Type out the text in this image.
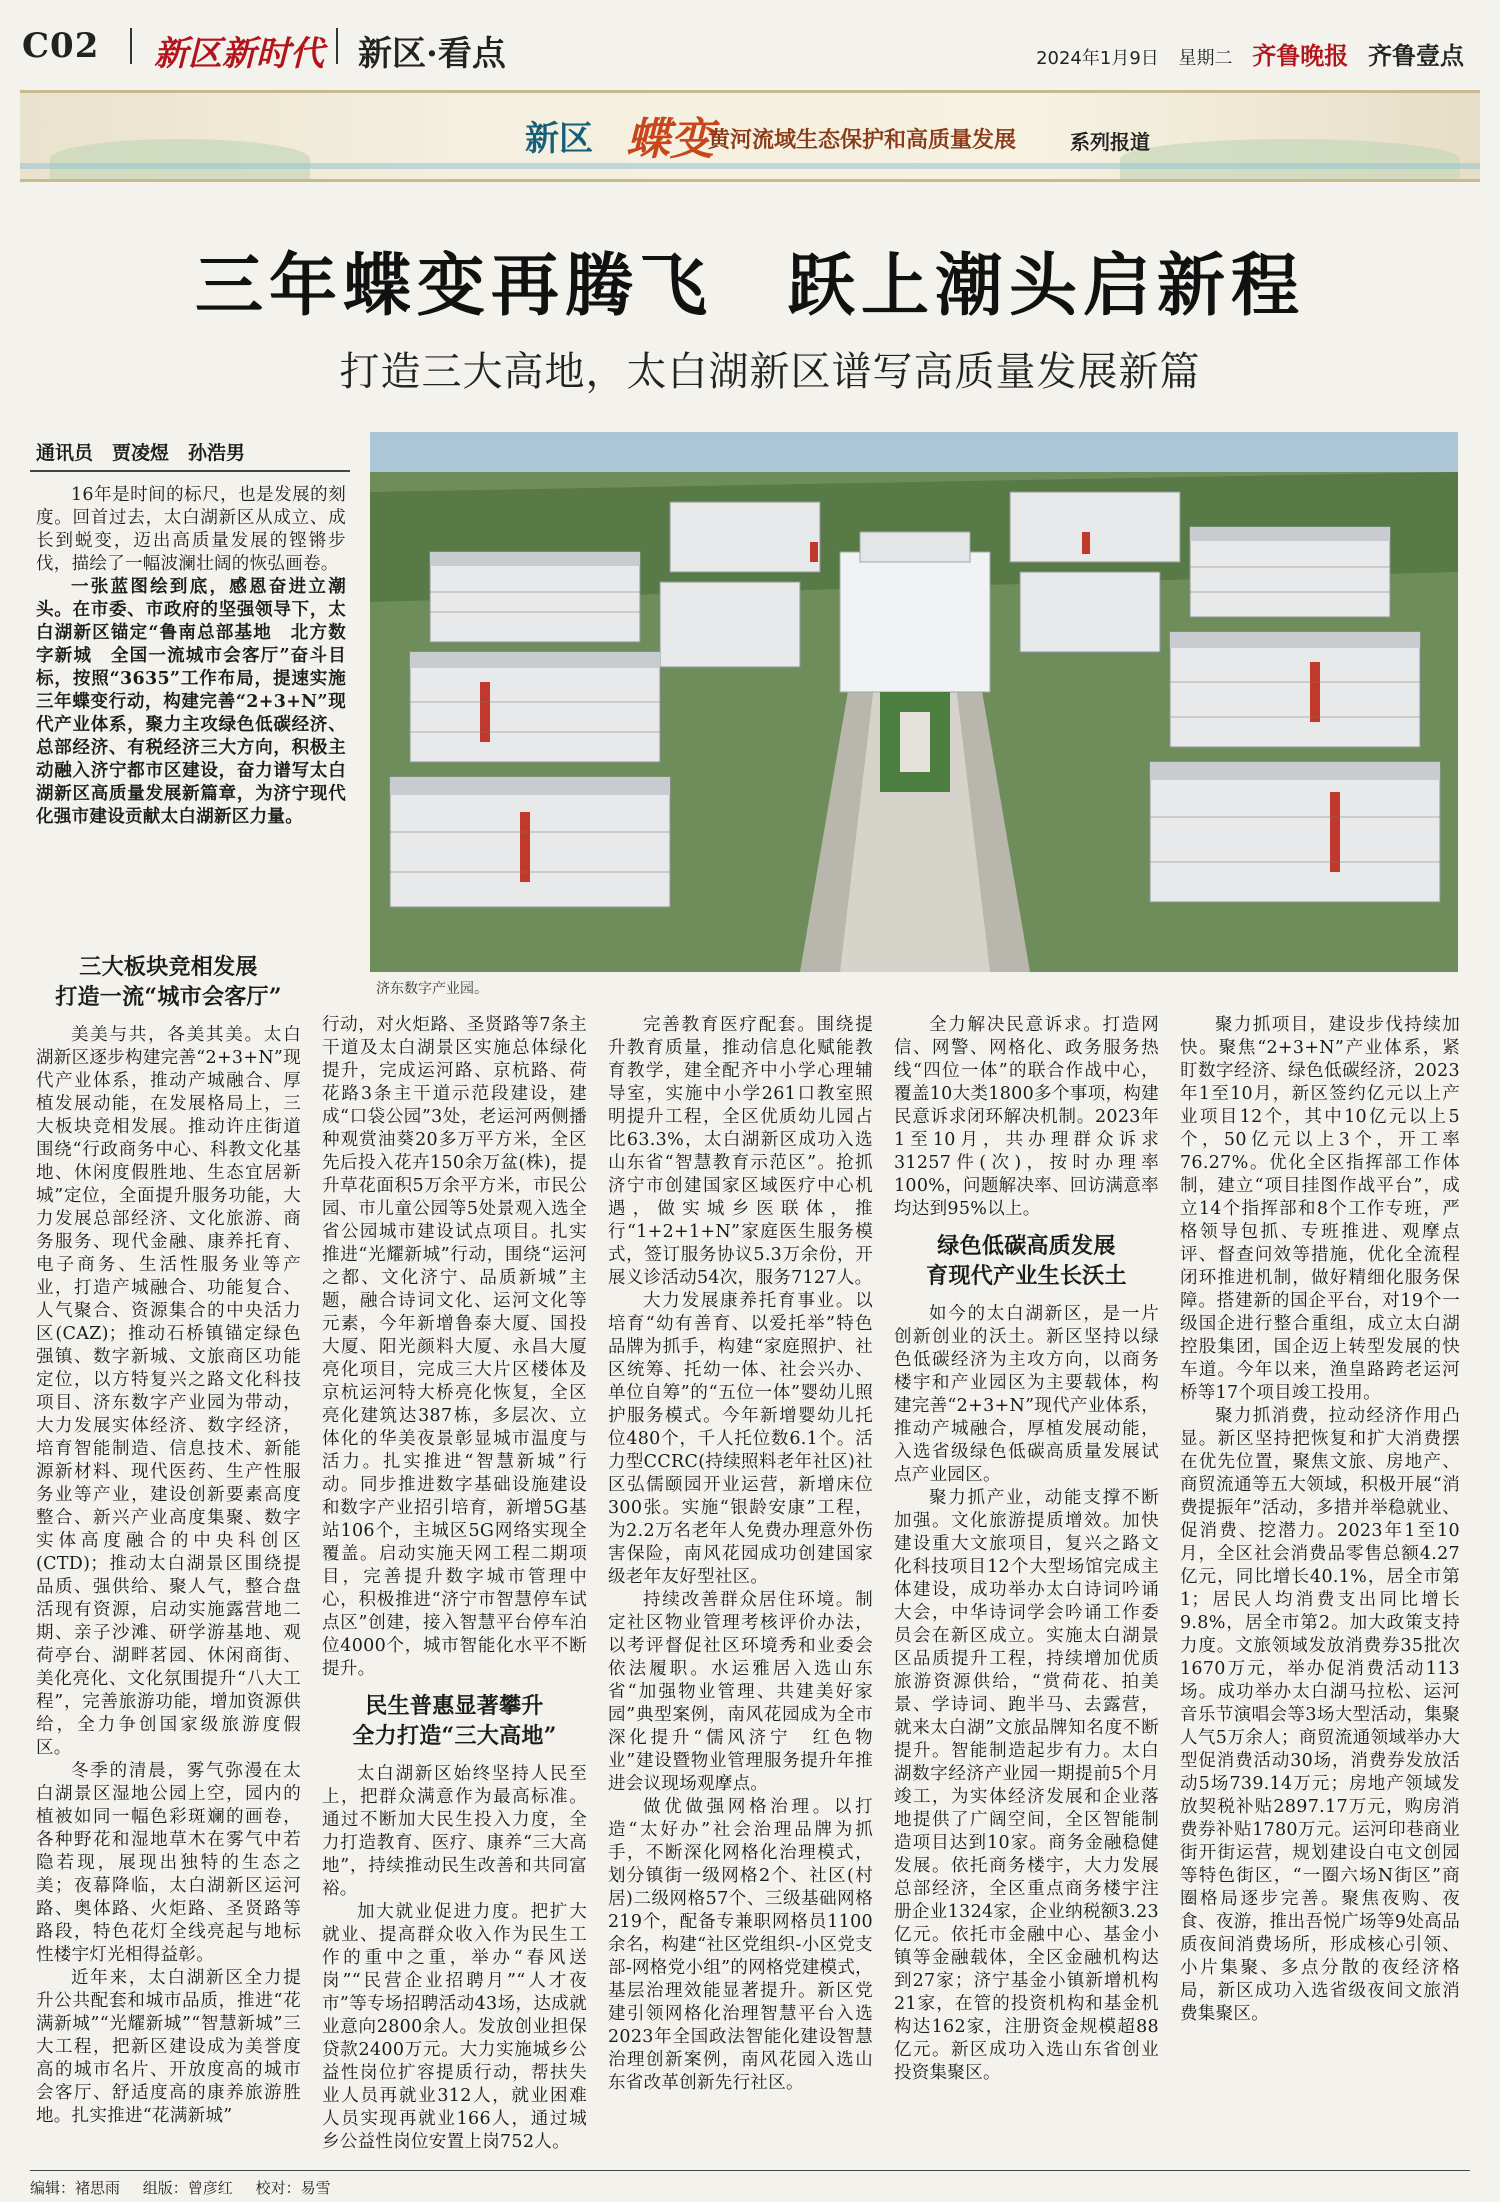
C02 新区新时代 新区·看点	2024年1月9日 星期二 齐鲁晚报 齐鲁壹点
新区 蝶变
黄河流域生态保护和高质量发展	系列报道
三年蝶变再腾飞　跃上潮头启新程
打造三大高地，太白湖新区谱写高质量发展新篇
通讯员　贾凌煜　孙浩男

16年是时间的标尺，也是发展的刻度。回首过去，太白湖新区从成立、成长到蜕变，迈出高质量发展的铿锵步伐，描绘了一幅波澜壮阔的恢弘画卷。

一张蓝图绘到底，感恩奋进立潮头。在市委、市政府的坚强领导下，太白湖新区锚定“鲁南总部基地　北方数字新城　全国一流城市会客厅”奋斗目标，按照“3635”工作布局，提速实施三年蝶变行动，构建完善“2+3+N”现代产业体系，聚力主攻绿色低碳经济、总部经济、有税经济三大方向，积极主动融入济宁都市区建设，奋力谱写太白湖新区高质量发展新篇章，为济宁现代化强市建设贡献太白湖新区力量。

济东数字产业园。
三大板块竞相发展
打造一流“城市会客厅”

美美与共，各美其美。太白湖新区逐步构建完善“2+3+N”现代产业体系，推动产城融合、厚植发展动能，在发展格局上，三大板块竞相发展。推动许庄街道围绕“行政商务中心、科教文化基地、休闲度假胜地、生态宜居新城”定位，全面提升服务功能，大力发展总部经济、文化旅游、商务服务、现代金融、康养托育、电子商务、生活性服务业等产业，打造产城融合、功能复合、人气聚合、资源集合的中央活力区(CAZ)；推动石桥镇锚定绿色强镇、数字新城、文旅商区功能定位，以方特复兴之路文化科技项目、济东数字产业园为带动，大力发展实体经济、数字经济，培育智能制造、信息技术、新能源新材料、现代医药、生产性服务业等产业，建设创新要素高度整合、新兴产业高度集聚、数字实体高度融合的中央科创区(CTD)；推动太白湖景区围绕提品质、强供给、聚人气，整合盘活现有资源，启动实施露营地二期、亲子沙滩、研学游基地、观荷亭台、湖畔茗园、休闲商街、美化亮化、文化氛围提升“八大工程”，完善旅游功能，增加资源供给，全力争创国家级旅游度假区。

冬季的清晨，雾气弥漫在太白湖景区湿地公园上空，园内的植被如同一幅色彩斑斓的画卷，各种野花和湿地草木在雾气中若隐若现，展现出独特的生态之美；夜幕降临，太白湖新区运河路、奥体路、火炬路、圣贤路等路段，特色花灯全线亮起与地标性楼宇灯光相得益彰。

近年来，太白湖新区全力提升公共配套和城市品质，推进“花满新城”“光耀新城”“智慧新城”三大工程，把新区建设成为美誉度高的城市名片、开放度高的城市会客厅、舒适度高的康养旅游胜地。扎实推进“花满新城”

行动，对火炬路、圣贤路等7条主干道及太白湖景区实施总体绿化提升，完成运河路、京杭路、荷花路3条主干道示范段建设，建成“口袋公园”3处，老运河两侧播种观赏油葵20多万平方米，全区先后投入花卉150余万盆(株)，提升草花面积5万余平方米，市民公园、市儿童公园等5处景观入选全省公园城市建设试点项目。扎实推进“光耀新城”行动，围绕“运河之都、文化济宁、品质新城”主题，融合诗词文化、运河文化等元素，今年新增鲁泰大厦、国投大厦、阳光颜料大厦、永昌大厦亮化项目，完成三大片区楼体及京杭运河特大桥亮化恢复，全区亮化建筑达387栋，多层次、立体化的华美夜景彰显城市温度与活力。扎实推进“智慧新城”行动。同步推进数字基础设施建设和数字产业招引培育，新增5G基站106个，主城区5G网络实现全覆盖。启动实施天网工程二期项目，完善提升数字城市管理中心，积极推进“济宁市智慧停车试点区”创建，接入智慧平台停车泊位4000个，城市智能化水平不断提升。

民生普惠显著攀升
全力打造“三大高地”

太白湖新区始终坚持人民至上，把群众满意作为最高标准。通过不断加大民生投入力度，全力打造教育、医疗、康养“三大高地”，持续推动民生改善和共同富裕。

加大就业促进力度。把扩大就业、提高群众收入作为民生工作的重中之重，举办“春风送岗”“民营企业招聘月”“人才夜市”等专场招聘活动43场，达成就业意向2800余人。发放创业担保贷款2400万元。大力实施城乡公益性岗位扩容提质行动，帮扶失业人员再就业312人，就业困难人员实现再就业166人，通过城乡公益性岗位安置上岗752人。

完善教育医疗配套。围绕提升教育质量，推动信息化赋能教育教学，建全配齐中小学心理辅导室，实施中小学261口教室照明提升工程，全区优质幼儿园占比63.3%，太白湖新区成功入选山东省“智慧教育示范区”。抢抓济宁市创建国家区域医疗中心机遇，做实城乡医联体，推行“1+2+1+N”家庭医生服务模式，签订服务协议5.3万余份，开展义诊活动54次，服务7127人。

大力发展康养托育事业。以培育“幼有善育、以爱托举”特色品牌为抓手，构建“家庭照护、社区统筹、托幼一体、社会兴办、单位自筹”的“五位一体”婴幼儿照护服务模式。今年新增婴幼儿托位480个，千人托位数6.1个。活力型CCRC(持续照料老年社区)社区弘儒颐园开业运营，新增床位300张。实施“银龄安康”工程，为2.2万名老年人免费办理意外伤害保险，南风花园成功创建国家级老年友好型社区。

持续改善群众居住环境。制定社区物业管理考核评价办法，以考评督促社区环境秀和业委会依法履职。水运雅居入选山东省“加强物业管理、共建美好家园”典型案例，南风花园成为全市深化提升“儒风济宁　红色物业”建设暨物业管理服务提升年推进会议现场观摩点。

做优做强网格治理。以打造“太好办”社会治理品牌为抓手，不断深化网格化治理模式，划分镇街一级网格2个、社区(村居)二级网格57个、三级基础网格219个，配备专兼职网格员1100余名，构建“社区党组织-小区党支部-网格党小组”的网格党建模式，基层治理效能显著提升。新区党建引领网格化治理智慧平台入选2023年全国政法智能化建设智慧治理创新案例，南风花园入选山东省改革创新先行社区。

全力解决民意诉求。打造网信、网警、网格化、政务服务热线“四位一体”的联合作战中心，覆盖10大类1800多个事项，构建民意诉求闭环解决机制。2023年1至10月，共办理群众诉求31257件(次)，按时办理率100%，问题解决率、回访满意率均达到95%以上。

绿色低碳高质发展
育现代产业生长沃土

如今的太白湖新区，是一片创新创业的沃土。新区坚持以绿色低碳经济为主攻方向，以商务楼宇和产业园区为主要载体，构建完善“2+3+N”现代产业体系，推动产城融合，厚植发展动能，入选省级绿色低碳高质量发展试点产业园区。

聚力抓产业，动能支撑不断加强。文化旅游提质增效。加快建设重大文旅项目，复兴之路文化科技项目12个大型场馆完成主体建设，成功举办太白诗词吟诵大会，中华诗词学会吟诵工作委员会在新区成立。实施太白湖景区品质提升工程，持续增加优质旅游资源供给，“赏荷花、拍美景、学诗词、跑半马、去露营，就来太白湖”文旅品牌知名度不断提升。智能制造起步有力。太白湖数字经济产业园一期提前5个月竣工，为实体经济发展和企业落地提供了广阔空间，全区智能制造项目达到10家。商务金融稳健发展。依托商务楼宇，大力发展总部经济，全区重点商务楼宇注册企业1324家，企业纳税额3.23亿元。依托市金融中心、基金小镇等金融载体，全区金融机构达到27家；济宁基金小镇新增机构21家，在管的投资机构和基金机构达162家，注册资金规模超88亿元。新区成功入选山东省创业投资集聚区。

聚力抓项目，建设步伐持续加快。聚焦“2+3+N”产业体系，紧盯数字经济、绿色低碳经济，2023年1至10月，新区签约亿元以上产业项目12个，其中10亿元以上5个，50亿元以上3个，开工率76.27%。优化全区指挥部工作体制，建立“项目挂图作战平台”，成立14个指挥部和8个工作专班，严格领导包抓、专班推进、观摩点评、督查问效等措施，优化全流程闭环推进机制，做好精细化服务保障。搭建新的国企平台，对19个一级国企进行整合重组，成立太白湖控股集团，国企迈上转型发展的快车道。今年以来，渔皇路跨老运河桥等17个项目竣工投用。

聚力抓消费，拉动经济作用凸显。新区坚持把恢复和扩大消费摆在优先位置，聚焦文旅、房地产、商贸流通等五大领域，积极开展“消费提振年”活动，多措并举稳就业、促消费、挖潜力。2023年1至10月，全区社会消费品零售总额4.27亿元，同比增长40.1%，居全市第1；居民人均消费支出同比增长9.8%，居全市第2。加大政策支持力度。文旅领域发放消费券35批次1670万元，举办促消费活动113场。成功举办太白湖马拉松、运河音乐节演唱会等3场大型活动，集聚人气5万余人；商贸流通领域举办大型促消费活动30场，消费券发放活动5场739.14万元；房地产领域发放契税补贴2897.17万元，购房消费券补贴1780万元。运河印巷商业街开街运营，规划建设白屯文创园等特色街区，“一圈六场N街区”商圈格局逐步完善。聚焦夜购、夜食、夜游，推出吾悦广场等9处高品质夜间消费场所，形成核心引领、小片集聚、多点分散的夜经济格局，新区成功入选省级夜间文旅消费集聚区。

编辑：褚思雨 组版：曾彦红 校对：易雪
